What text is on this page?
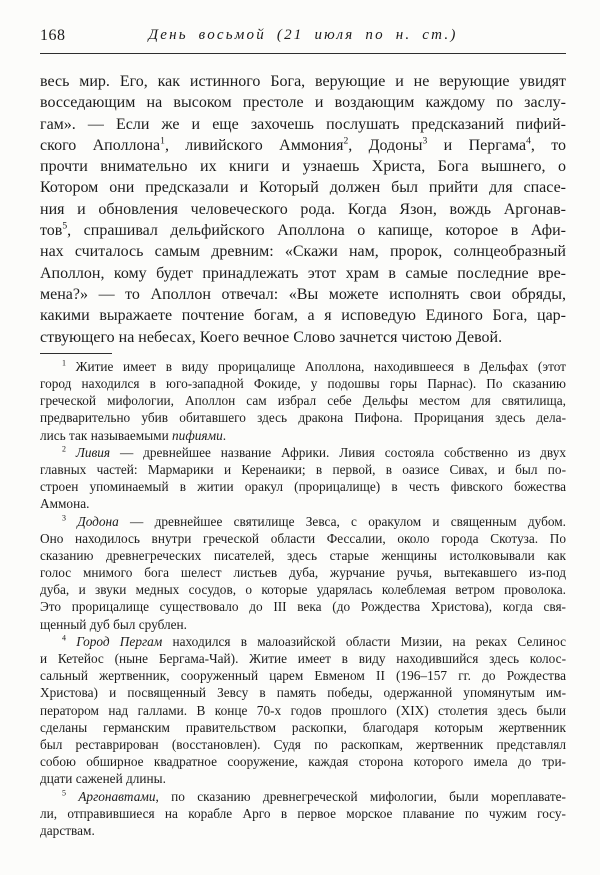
168	День восьмой (21 июля по н. ст.)
весь мир. Его, как истинного Бога, верующие и не верующие увидят
восседающим на высоком престоле и воздающим каждому по заслу-
гам». — Если же и еще захочешь послушать предсказаний пифий-
ского Аполлона$^1$, ливийского Аммония$^2$, Додоны$^3$ и Пергама$^4$, то
прочти внимательно их книги и узнаешь Христа, Бога вышнего, о
Котором они предсказали и Который должен был прийти для спасе-
ния и обновления человеческого рода. Когда Язон, вождь Аргонав-
тов$^5$, спрашивал дельфийского Аполлона о капище, которое в Афи-
нах считалось самым древним: «Скажи нам, пророк, солнцеобразный
Аполлон, кому будет принадлежать этот храм в самые последние вре-
мена?» — то Аполлон отвечал: «Вы можете исполнять свои обряды,
какими выражаете почтение богам, а я исповедую Единого Бога, цар-
ствующего на небесах, Коего вечное Слово зачнется чистою Девой.
$^1$ Житие имеет в виду прорицалище Аполлона, находившееся в Дельфах (этот
город находился в юго-западной Фокиде, у подошвы горы Парнас). По сказанию
греческой мифологии, Аполлон сам избрал себе Дельфы местом для святилища,
предварительно убив обитавшего здесь дракона Пифона. Прорицания здесь дела-
лись так называемыми пифиями.
$^2$ Ливия — древнейшее название Африки. Ливия состояла собственно из двух
главных частей: Мармарики и Керенаики; в первой, в оазисе Сивах, и был по-
строен упоминаемый в житии оракул (прорицалище) в честь фивского божества
Аммона.
$^3$ Додона — древнейшее святилище Зевса, с оракулом и священным дубом.
Оно находилось внутри греческой области Фессалии, около города Скотуза. По
сказанию древнегреческих писателей, здесь старые женщины истолковывали как
голос мнимого бога шелест листьев дуба, журчание ручья, вытекавшего из-под
дуба, и звуки медных сосудов, о которые ударялась колеблемая ветром проволока.
Это прорицалище существовало до III века (до Рождества Христова), когда свя-
щенный дуб был срублен.
$^4$ Город Пергам находился в малоазийской области Мизии, на реках Селинос
и Кетейос (ныне Бергама-Чай). Житие имеет в виду находившийся здесь колос-
сальный жертвенник, сооруженный царем Евменом II (196–157 гг. до Рождества
Христова) и посвященный Зевсу в память победы, одержанной упомянутым им-
ператором над галлами. В конце 70-х годов прошлого (XIX) столетия здесь были
сделаны германским правительством раскопки, благодаря которым жертвенник
был реставрирован (восстановлен). Судя по раскопкам, жертвенник представлял
собою обширное квадратное сооружение, каждая сторона которого имела до три-
дцати саженей длины.
$^5$ Аргонавтами, по сказанию древнегреческой мифологии, были мореплавате-
ли, отправившиеся на корабле Арго в первое морское плавание по чужим госу-
дарствам.
